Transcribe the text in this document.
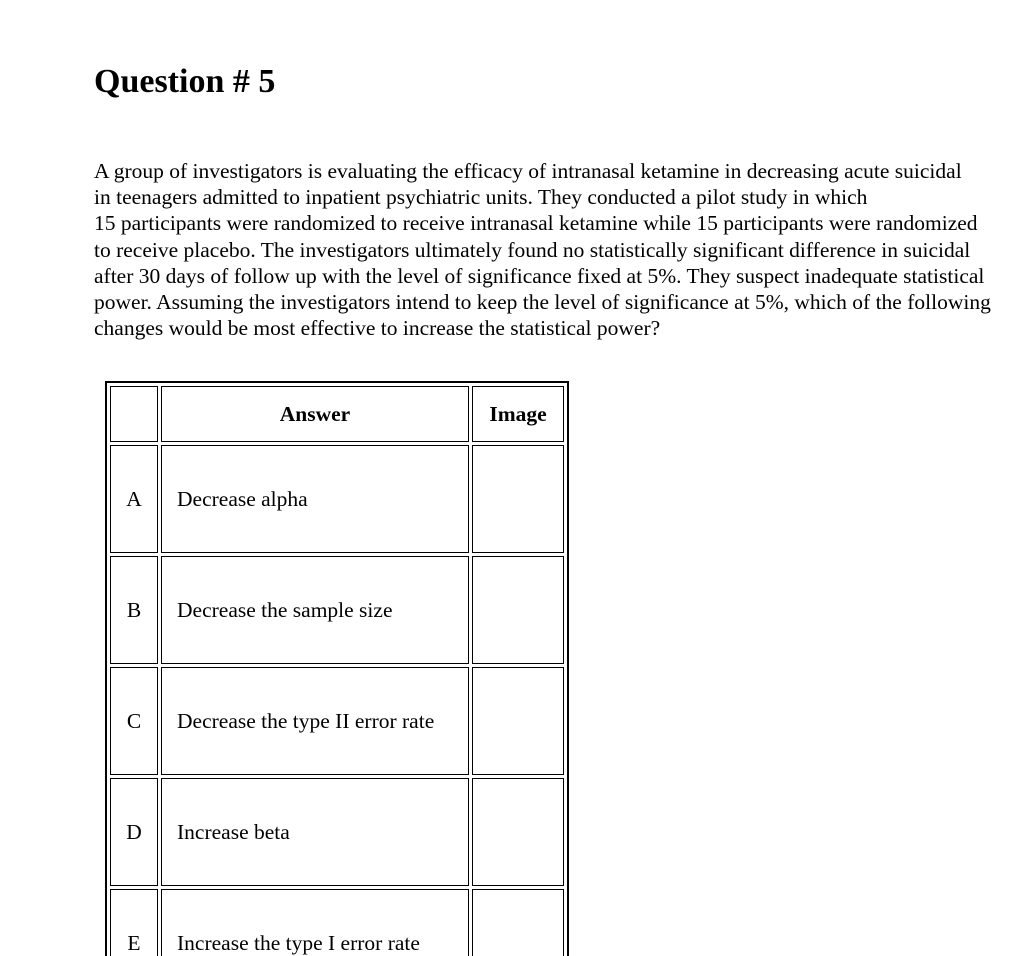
Question # 5

A group of investigators is evaluating the efficacy of intranasal ketamine in decreasing acute suicidal
in teenagers admitted to inpatient psychiatric units. They conducted a pilot study in which
15 participants were randomized to receive intranasal ketamine while 15 participants were randomized
to receive placebo. The investigators ultimately found no statistically significant difference in suicidal
after 30 days of follow up with the level of significance fixed at 5%. They suspect inadequate statistical
power. Assuming the investigators intend to keep the level of significance at 5%, which of the following
changes would be most effective to increase the statistical power?

	Answer	Image
A	Decrease alpha	
B	Decrease the sample size	
C	Decrease the type II error rate	
D	Increase beta	
E	Increase the type I error rate	
